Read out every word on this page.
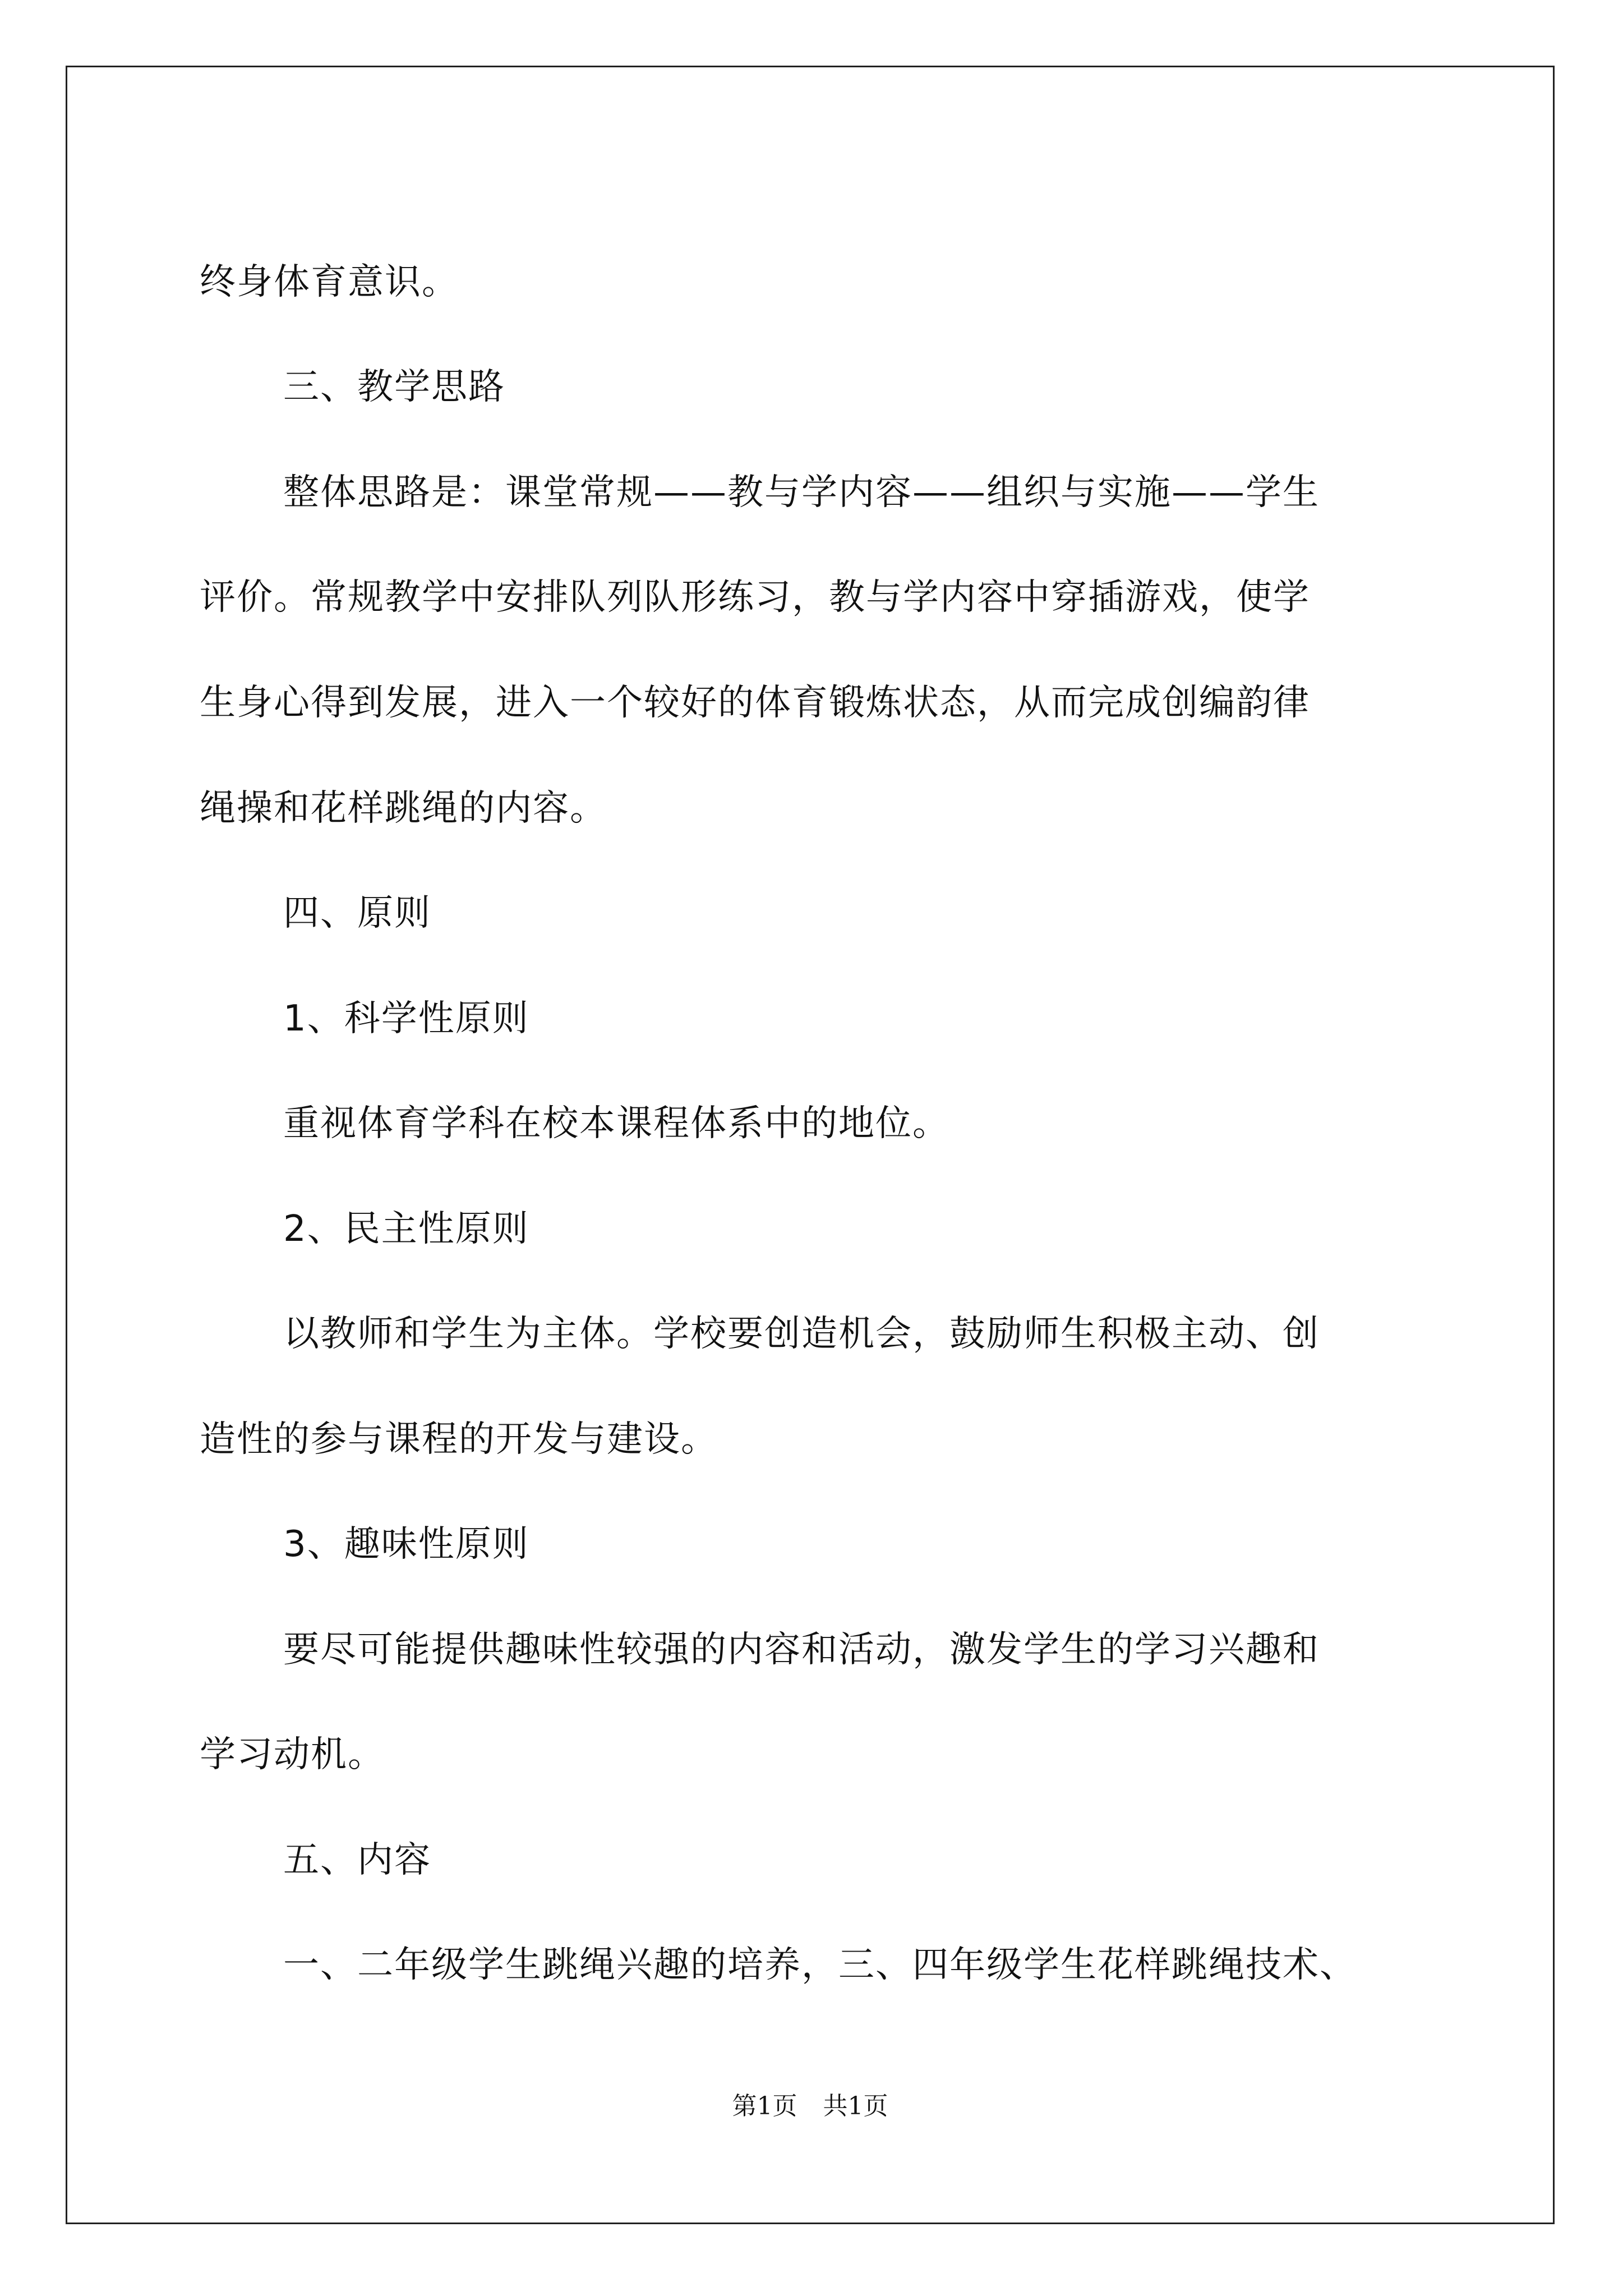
终身体育意识。
三、教学思路
整体思路是：课堂常规——教与学内容——组织与实施——学生
评价。常规教学中安排队列队形练习，教与学内容中穿插游戏，使学
生身心得到发展，进入一个较好的体育锻炼状态，从而完成创编韵律
绳操和花样跳绳的内容。
四、原则
1、科学性原则
重视体育学科在校本课程体系中的地位。
2、民主性原则
以教师和学生为主体。学校要创造机会，鼓励师生积极主动、创
造性的参与课程的开发与建设。
3、趣味性原则
要尽可能提供趣味性较强的内容和活动，激发学生的学习兴趣和
学习动机。
五、内容
一、二年级学生跳绳兴趣的培养，三、四年级学生花样跳绳技术、
第1页 共1页
